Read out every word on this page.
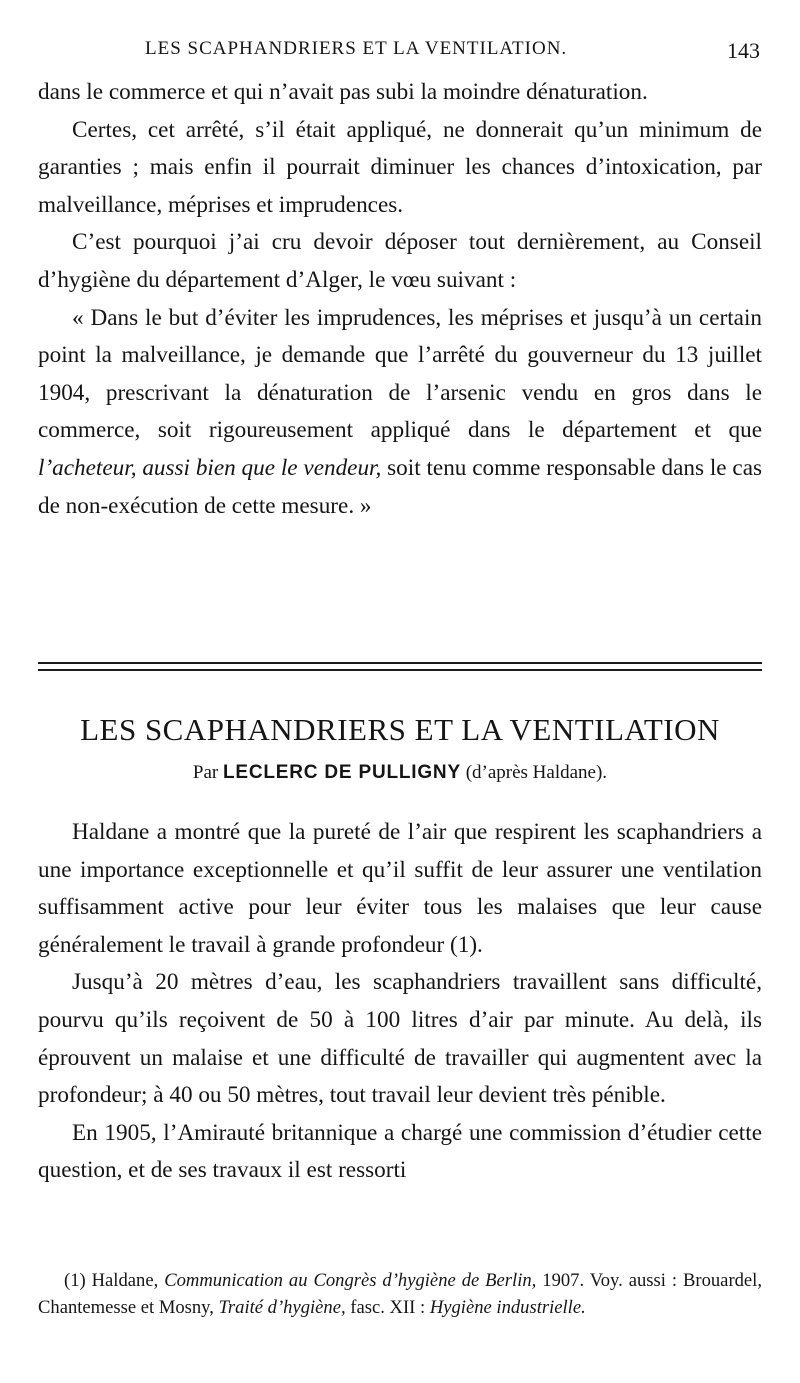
LES SCAPHANDRIERS ET LA VENTILATION.	143

dans le commerce et qui n’avait pas subi la moindre dénaturation.

Certes, cet arrêté, s’il était appliqué, ne donnerait qu’un minimum de garanties ; mais enfin il pourrait diminuer les chances d’intoxication, par malveillance, méprises et imprudences.

C’est pourquoi j’ai cru devoir déposer tout dernièrement, au Conseil d’hygiène du département d’Alger, le vœu suivant :

« Dans le but d’éviter les imprudences, les méprises et jusqu’à un certain point la malveillance, je demande que l’arrêté du gouverneur du 13 juillet 1904, prescrivant la dénaturation de l’arsenic vendu en gros dans le commerce, soit rigoureusement appliqué dans le département et que l’acheteur, aussi bien que le vendeur, soit tenu comme responsable dans le cas de non-exécution de cette mesure. »

LES SCAPHANDRIERS ET LA VENTILATION
Par LECLERC DE PULLIGNY (d’après Haldane).

Haldane a montré que la pureté de l’air que respirent les scaphandriers a une importance exceptionnelle et qu’il suffit de leur assurer une ventilation suffisamment active pour leur éviter tous les malaises que leur cause généralement le travail à grande profondeur (1).

Jusqu’à 20 mètres d’eau, les scaphandriers travaillent sans difficulté, pourvu qu’ils reçoivent de 50 à 100 litres d’air par minute. Au delà, ils éprouvent un malaise et une difficulté de travailler qui augmentent avec la profondeur; à 40 ou 50 mètres, tout travail leur devient très pénible.

En 1905, l’Amirauté britannique a chargé une commission d’étudier cette question, et de ses travaux il est ressorti

(1) Haldane, Communication au Congrès d’hygiène de Berlin, 1907. Voy. aussi : Brouardel, Chantemesse et Mosny, Traité d’hygiène, fasc. XII : Hygiène industrielle.
